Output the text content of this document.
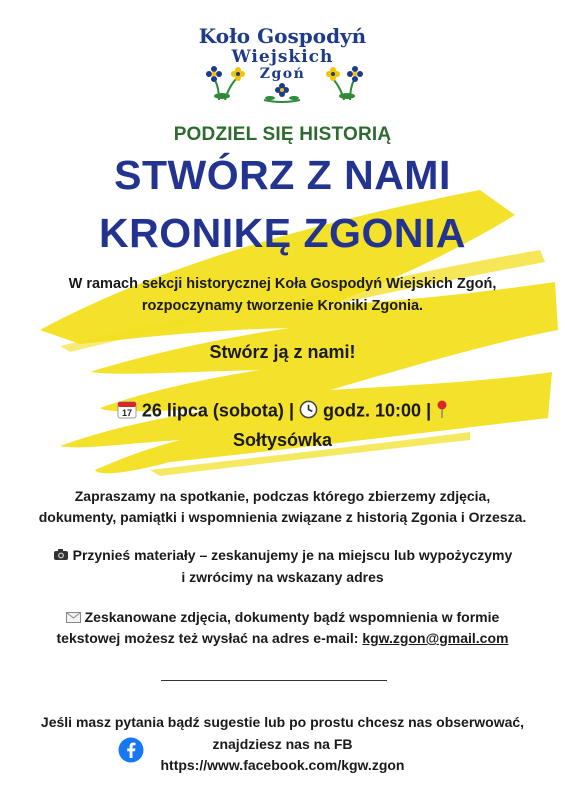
Koło Gospodyń
Wiejskich
Zgoń
PODZIEL SIĘ HISTORIĄ
STWÓRZ Z NAMI
KRONIKĘ ZGONIA
W ramach sekcji historycznej Koła Gospodyń Wiejskich Zgoń,
rozpoczynamy tworzenie Kroniki Zgonia.
Stwórz ją z nami!
17 26 lipca (sobota) | godz. 10:00 |
Sołtysówka
Zapraszamy na spotkanie, podczas którego zbierzemy zdjęcia,
dokumenty, pamiątki i wspomnienia związane z historią Zgonia i Orzesza.
Przynieś materiały – zeskanujemy je na miejscu lub wypożyczymy
i zwrócimy na wskazany adres
Zeskanowane zdjęcia, dokumenty bądź wspomnienia w formie
tekstowej możesz też wysłać na adres e-mail: kgw.zgon@gmail.com
Jeśli masz pytania bądź sugestie lub po prostu chcesz nas obserwować,
znajdziesz nas na FB
https://www.facebook.com/kgw.zgon
